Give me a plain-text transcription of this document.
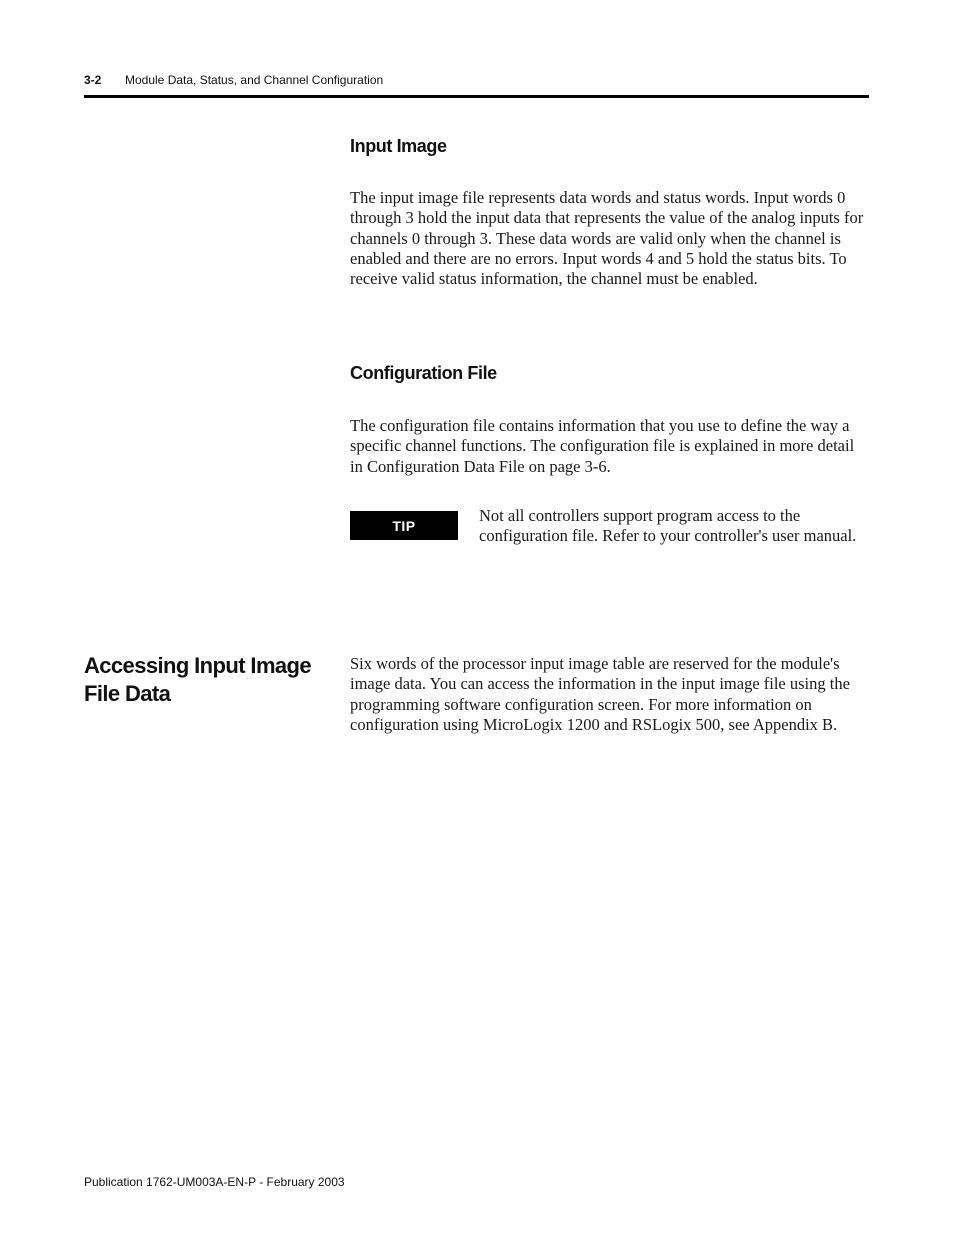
3-2 Module Data, Status, and Channel Configuration
Input Image
The input image file represents data words and status words. Input words 0 through 3 hold the input data that represents the value of the analog inputs for channels 0 through 3. These data words are valid only when the channel is enabled and there are no errors. Input words 4 and 5 hold the status bits. To receive valid status information, the channel must be enabled.
Configuration File
The configuration file contains information that you use to define the way a specific channel functions. The configuration file is explained in more detail in Configuration Data File on page 3-6.
TIP
Not all controllers support program access to the configuration file. Refer to your controller's user manual.
Accessing Input Image File Data
Six words of the processor input image table are reserved for the module's image data. You can access the information in the input image file using the programming software configuration screen. For more information on configuration using MicroLogix 1200 and RSLogix 500, see Appendix B.
Publication 1762-UM003A-EN-P - February 2003
